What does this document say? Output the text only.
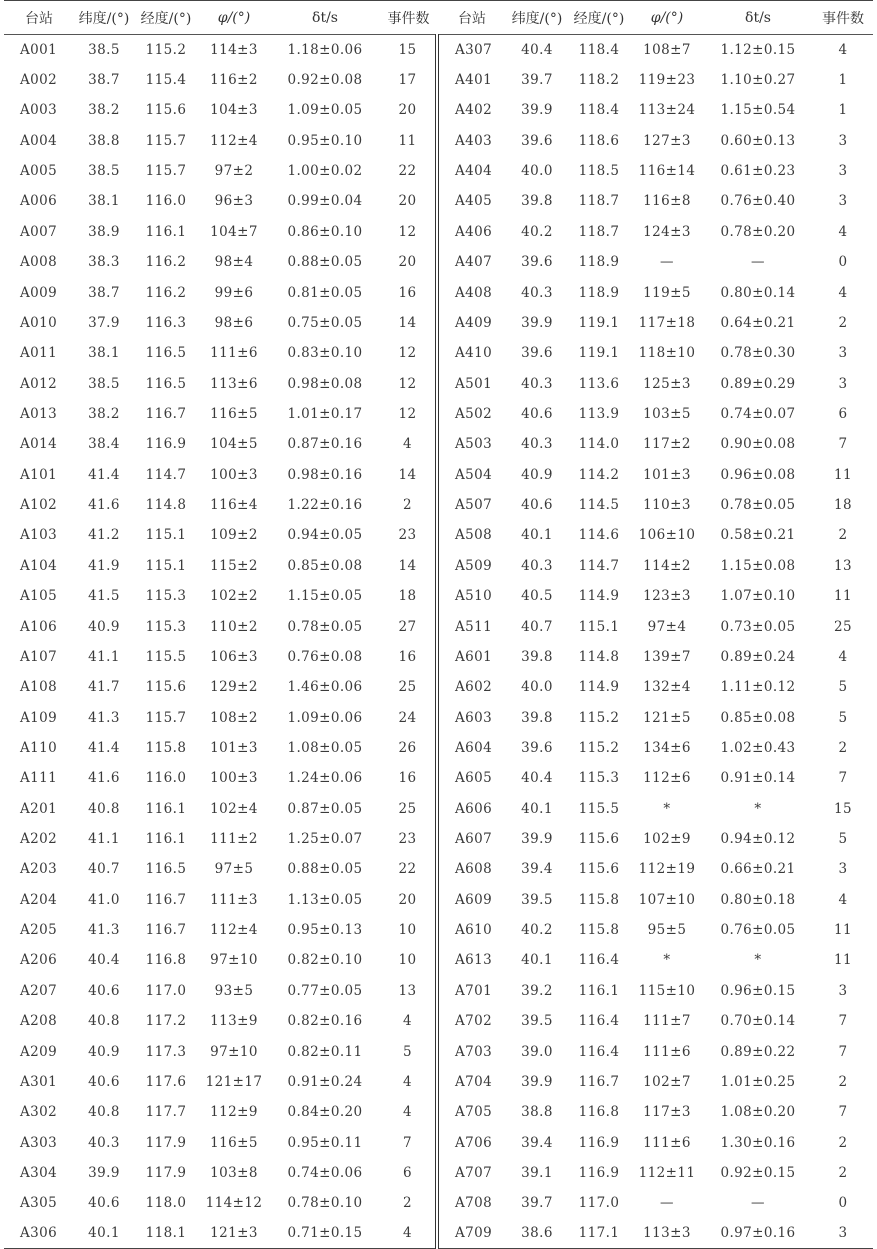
台站	纬度/(°)	经度/(°)	φ/(°)	δt/s	事件数	台站	纬度/(°)	经度/(°)	φ/(°)	δt/s	事件数
A001	38.5	115.2	114±3	1.18±0.06	15	A307	40.4	118.4	108±7	1.12±0.15	4
A002	38.7	115.4	116±2	0.92±0.08	17	A401	39.7	118.2	119±23	1.10±0.27	1
A003	38.2	115.6	104±3	1.09±0.05	20	A402	39.9	118.4	113±24	1.15±0.54	1
A004	38.8	115.7	112±4	0.95±0.10	11	A403	39.6	118.6	127±3	0.60±0.13	3
A005	38.5	115.7	97±2	1.00±0.02	22	A404	40.0	118.5	116±14	0.61±0.23	3
A006	38.1	116.0	96±3	0.99±0.04	20	A405	39.8	118.7	116±8	0.76±0.40	3
A007	38.9	116.1	104±7	0.86±0.10	12	A406	40.2	118.7	124±3	0.78±0.20	4
A008	38.3	116.2	98±4	0.88±0.05	20	A407	39.6	118.9	—	—	0
A009	38.7	116.2	99±6	0.81±0.05	16	A408	40.3	118.9	119±5	0.80±0.14	4
A010	37.9	116.3	98±6	0.75±0.05	14	A409	39.9	119.1	117±18	0.64±0.21	2
A011	38.1	116.5	111±6	0.83±0.10	12	A410	39.6	119.1	118±10	0.78±0.30	3
A012	38.5	116.5	113±6	0.98±0.08	12	A501	40.3	113.6	125±3	0.89±0.29	3
A013	38.2	116.7	116±5	1.01±0.17	12	A502	40.6	113.9	103±5	0.74±0.07	6
A014	38.4	116.9	104±5	0.87±0.16	4	A503	40.3	114.0	117±2	0.90±0.08	7
A101	41.4	114.7	100±3	0.98±0.16	14	A504	40.9	114.2	101±3	0.96±0.08	11
A102	41.6	114.8	116±4	1.22±0.16	2	A507	40.6	114.5	110±3	0.78±0.05	18
A103	41.2	115.1	109±2	0.94±0.05	23	A508	40.1	114.6	106±10	0.58±0.21	2
A104	41.9	115.1	115±2	0.85±0.08	14	A509	40.3	114.7	114±2	1.15±0.08	13
A105	41.5	115.3	102±2	1.15±0.05	18	A510	40.5	114.9	123±3	1.07±0.10	11
A106	40.9	115.3	110±2	0.78±0.05	27	A511	40.7	115.1	97±4	0.73±0.05	25
A107	41.1	115.5	106±3	0.76±0.08	16	A601	39.8	114.8	139±7	0.89±0.24	4
A108	41.7	115.6	129±2	1.46±0.06	25	A602	40.0	114.9	132±4	1.11±0.12	5
A109	41.3	115.7	108±2	1.09±0.06	24	A603	39.8	115.2	121±5	0.85±0.08	5
A110	41.4	115.8	101±3	1.08±0.05	26	A604	39.6	115.2	134±6	1.02±0.43	2
A111	41.6	116.0	100±3	1.24±0.06	16	A605	40.4	115.3	112±6	0.91±0.14	7
A201	40.8	116.1	102±4	0.87±0.05	25	A606	40.1	115.5	*	*	15
A202	41.1	116.1	111±2	1.25±0.07	23	A607	39.9	115.6	102±9	0.94±0.12	5
A203	40.7	116.5	97±5	0.88±0.05	22	A608	39.4	115.6	112±19	0.66±0.21	3
A204	41.0	116.7	111±3	1.13±0.05	20	A609	39.5	115.8	107±10	0.80±0.18	4
A205	41.3	116.7	112±4	0.95±0.13	10	A610	40.2	115.8	95±5	0.76±0.05	11
A206	40.4	116.8	97±10	0.82±0.10	10	A613	40.1	116.4	*	*	11
A207	40.6	117.0	93±5	0.77±0.05	13	A701	39.2	116.1	115±10	0.96±0.15	3
A208	40.8	117.2	113±9	0.82±0.16	4	A702	39.5	116.4	111±7	0.70±0.14	7
A209	40.9	117.3	97±10	0.82±0.11	5	A703	39.0	116.4	111±6	0.89±0.22	7
A301	40.6	117.6	121±17	0.91±0.24	4	A704	39.9	116.7	102±7	1.01±0.25	2
A302	40.8	117.7	112±9	0.84±0.20	4	A705	38.8	116.8	117±3	1.08±0.20	7
A303	40.3	117.9	116±5	0.95±0.11	7	A706	39.4	116.9	111±6	1.30±0.16	2
A304	39.9	117.9	103±8	0.74±0.06	6	A707	39.1	116.9	112±11	0.92±0.15	2
A305	40.6	118.0	114±12	0.78±0.10	2	A708	39.7	117.0	—	—	0
A306	40.1	118.1	121±3	0.71±0.15	4	A709	38.6	117.1	113±3	0.97±0.16	3
